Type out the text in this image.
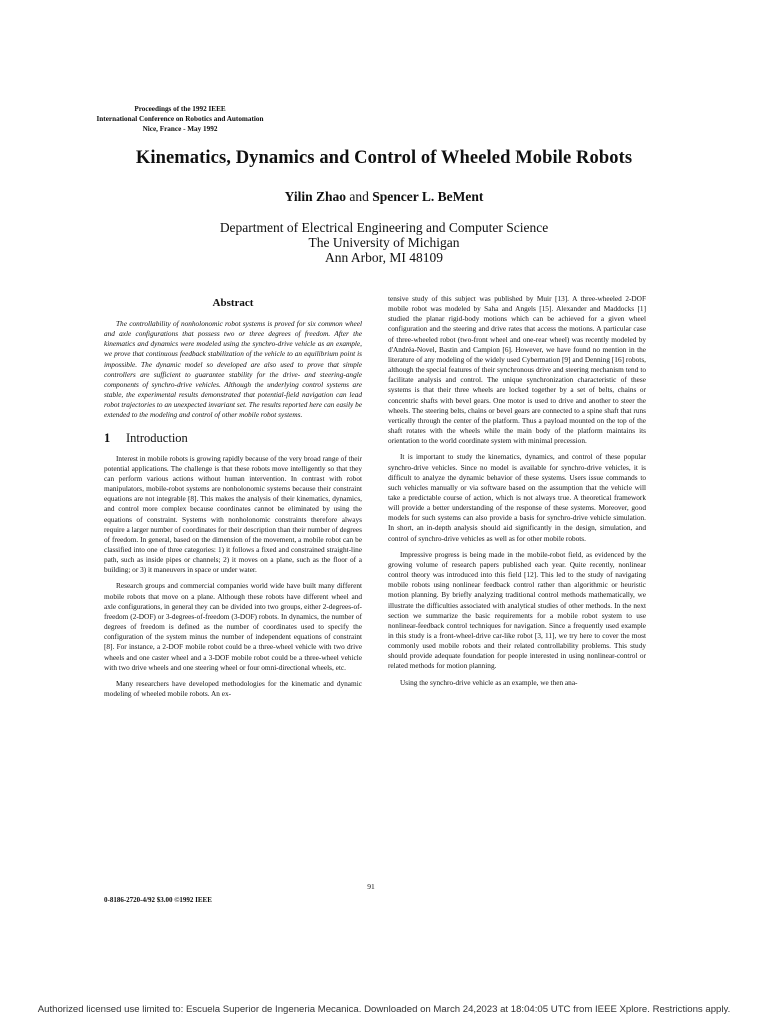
Proceedings of the 1992 IEEE
International Conference on Robotics and Automation
Nice, France - May 1992
Kinematics, Dynamics and Control of Wheeled Mobile Robots
Yilin Zhao and Spencer L. BeMent
Department of Electrical Engineering and Computer Science
The University of Michigan
Ann Arbor, MI 48109
Abstract

The controllability of nonholonomic robot systems is proved for six common wheel and axle configurations that possess two or three degrees of freedom. After the kinematics and dynamics were modeled using the synchro-drive vehicle as an example, we prove that continuous feedback stabilization of the vehicle to an equilibrium point is impossible. The dynamic model so developed are also used to prove that simple controllers are sufficient to guarantee stability for the drive- and steering-angle components of synchro-drive vehicles. Although the underlying control systems are stable, the experimental results demonstrated that potential-field navigation can lead robot trajectories to an unexpected invariant set. The results reported here can easily be extended to the modeling and control of other mobile robot systems.

1 Introduction

Interest in mobile robots is growing rapidly because of the very broad range of their potential applications. The challenge is that these robots move intelligently so that they can perform various actions without human intervention. In contrast with robot manipulators, mobile-robot systems are nonholonomic systems because their constraint equations are not integrable [8]. This makes the analysis of their kinematics, dynamics, and control more complex because coordinates cannot be eliminated by using the equations of constraint. Systems with nonholonomic constraints therefore always require a larger number of coordinates for their description than their number of degrees of freedom. In general, based on the dimension of the movement, a mobile robot can be classified into one of three categories: 1) it follows a fixed and constrained straight-line path, such as inside pipes or channels; 2) it moves on a plane, such as the floor of a building; or 3) it maneuvers in space or under water.

Research groups and commercial companies world wide have built many different mobile robots that move on a plane. Although these robots have different wheel and axle configurations, in general they can be divided into two groups, either 2-degrees-of-freedom (2-DOF) or 3-degrees-of-freedom (3-DOF) robots. In dynamics, the number of degrees of freedom is defined as the number of coordinates used to specify the configuration of the system minus the number of independent equations of constraint [8]. For instance, a 2-DOF mobile robot could be a three-wheel vehicle with two drive wheels and one caster wheel and a 3-DOF mobile robot could be a three-wheel vehicle with two drive wheels and one steering wheel or four omni-directional wheels, etc.

Many researchers have developed methodologies for the kinematic and dynamic modeling of wheeled mobile robots. An ex-

tensive study of this subject was published by Muir [13]. A three-wheeled 2-DOF mobile robot was modeled by Saha and Angels [15]. Alexander and Maddocks [1] studied the planar rigid-body motions which can be achieved for a given wheel configuration and the steering and drive rates that access the motions. A particular case of three-wheeled robot (two-front wheel and one-rear wheel) was recently modeled by d'Andréa-Novel, Bastin and Campion [6]. However, we have found no mention in the literature of any modeling of the widely used Cybermation [9] and Denning [16] robots, although the special features of their synchronous drive and steering mechanism tend to facilitate analysis and control. The unique synchronization characteristic of these systems is that their three wheels are locked together by a set of belts, chains or concentric shafts with bevel gears. One motor is used to drive and another to steer the wheels. The steering belts, chains or bevel gears are connected to a spine shaft that runs vertically through the center of the platform. Thus a payload mounted on the top of the shaft rotates with the wheels while the main body of the platform maintains its orientation to the world coordinate system with minimal precession.

It is important to study the kinematics, dynamics, and control of these popular synchro-drive vehicles. Since no model is available for synchro-drive vehicles, it is difficult to analyze the dynamic behavior of these systems. Users issue commands to such vehicles manually or via software based on the assumption that the vehicle will take a predictable course of action, which is not always true. A theoretical framework will provide a better understanding of the response of these systems. Moreover, good models for such systems can also provide a basis for synchro-drive vehicle simulation. In short, an in-depth analysis should aid significantly in the design, simulation, and control of synchro-drive vehicles as well as for other mobile robots.

Impressive progress is being made in the mobile-robot field, as evidenced by the growing volume of research papers published each year. Quite recently, nonlinear control theory was introduced into this field [12]. This led to the study of navigating mobile robots using nonlinear feedback control rather than algorithmic or heuristic motion planning. By briefly analyzing traditional control methods mathematically, we illustrate the difficulties associated with analytical studies of other methods. In the next section we summarize the basic requirements for a mobile robot system to use nonlinear-feedback control techniques for navigation. Since a frequently used example in this study is a front-wheel-drive car-like robot [3, 11], we try here to cover the most commonly used mobile robots and their related controllability problems. This study should provide adequate foundation for people interested in using nonlinear-control or related methods for motion planning.

Using the synchro-drive vehicle as an example, we then ana-

91
0-8186-2720-4/92 $3.00 ©1992 IEEE
Authorized licensed use limited to: Escuela Superior de Ingeneria Mecanica. Downloaded on March 24,2023 at 18:04:05 UTC from IEEE Xplore. Restrictions apply.
